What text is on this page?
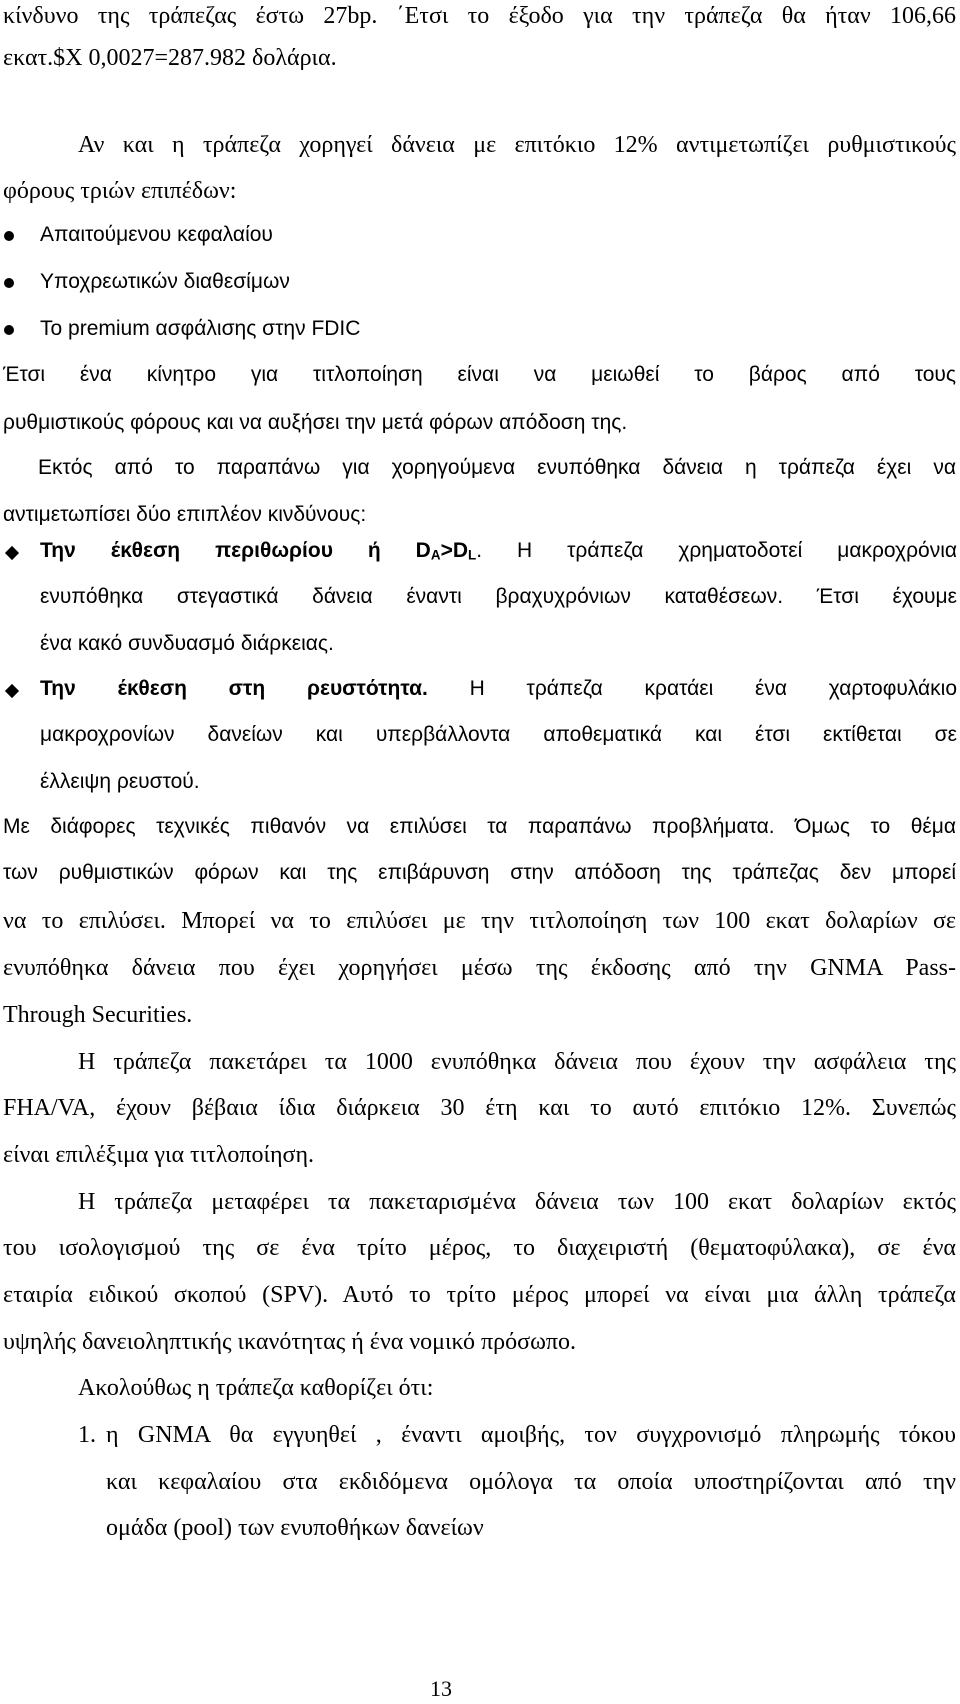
κίνδυνο της τράπεζας έστω 27bp. ΄Ετσι το έξοδο για την τράπεζα θα ήταν 106,66
εκατ.$Χ 0,0027=287.982 δολάρια.
Αν και η τράπεζα χορηγεί δάνεια με επιτόκιο 12% αντιμετωπίζει ρυθμιστικούς
φόρους τριών επιπέδων:
Απαιτούμενου κεφαλαίου
Υποχρεωτικών διαθεσίμων
Το premium ασφάλισης στην FDIC
Έτσι ένα κίνητρο για τιτλοποίηση είναι να μειωθεί το βάρος από τους
ρυθμιστικούς φόρους και να αυξήσει την μετά φόρων απόδοση της.
Εκτός από το παραπάνω για χορηγούμενα ενυπόθηκα δάνεια η τράπεζα έχει να
αντιμετωπίσει δύο επιπλέον κινδύνους:
Την έκθεση περιθωρίου ή $D_A>D_L$. Η τράπεζα χρηματοδοτεί μακροχρόνια
ενυπόθηκα στεγαστικά δάνεια έναντι βραχυχρόνιων καταθέσεων. Έτσι έχουμε
ένα κακό συνδυασμό διάρκειας.
Την έκθεση στη ρευστότητα. Η τράπεζα κρατάει ένα χαρτοφυλάκιο
μακροχρονίων δανείων και υπερβάλλοντα αποθεματικά και έτσι εκτίθεται σε
έλλειψη ρευστού.
Με διάφορες τεχνικές πιθανόν να επιλύσει τα παραπάνω προβλήματα. Όμως το θέμα
των ρυθμιστικών φόρων και της επιβάρυνση στην απόδοση της τράπεζας δεν μπορεί
να το επιλύσει. Μπορεί να το επιλύσει με την τιτλοποίηση των 100 εκατ δολαρίων σε
ενυπόθηκα δάνεια που έχει χορηγήσει μέσω της έκδοσης από την GNMA Pass-
Through Securities.
Η τράπεζα πακετάρει τα 1000 ενυπόθηκα δάνεια που έχουν την ασφάλεια της
FHA/VA, έχουν βέβαια ίδια διάρκεια 30 έτη και το αυτό επιτόκιο 12%. Συνεπώς
είναι επιλέξιμα για τιτλοποίηση.
Η τράπεζα μεταφέρει τα πακεταρισμένα δάνεια των 100 εκατ δολαρίων εκτός
του ισολογισμού της σε ένα τρίτο μέρος, το διαχειριστή (θεματοφύλακα), σε ένα
εταιρία ειδικού σκοπού (SPV). Αυτό το τρίτο μέρος μπορεί να είναι μια άλλη τράπεζα
υψηλής δανειοληπτικής ικανότητας ή ένα νομικό πρόσωπο.
Ακολούθως η τράπεζα καθορίζει ότι:
1. η GNMA θα εγγυηθεί , έναντι αμοιβής, τον συγχρονισμό πληρωμής τόκου
και κεφαλαίου στα εκδιδόμενα ομόλογα τα οποία υποστηρίζονται από την
ομάδα (pool) των ενυποθήκων δανείων
13
